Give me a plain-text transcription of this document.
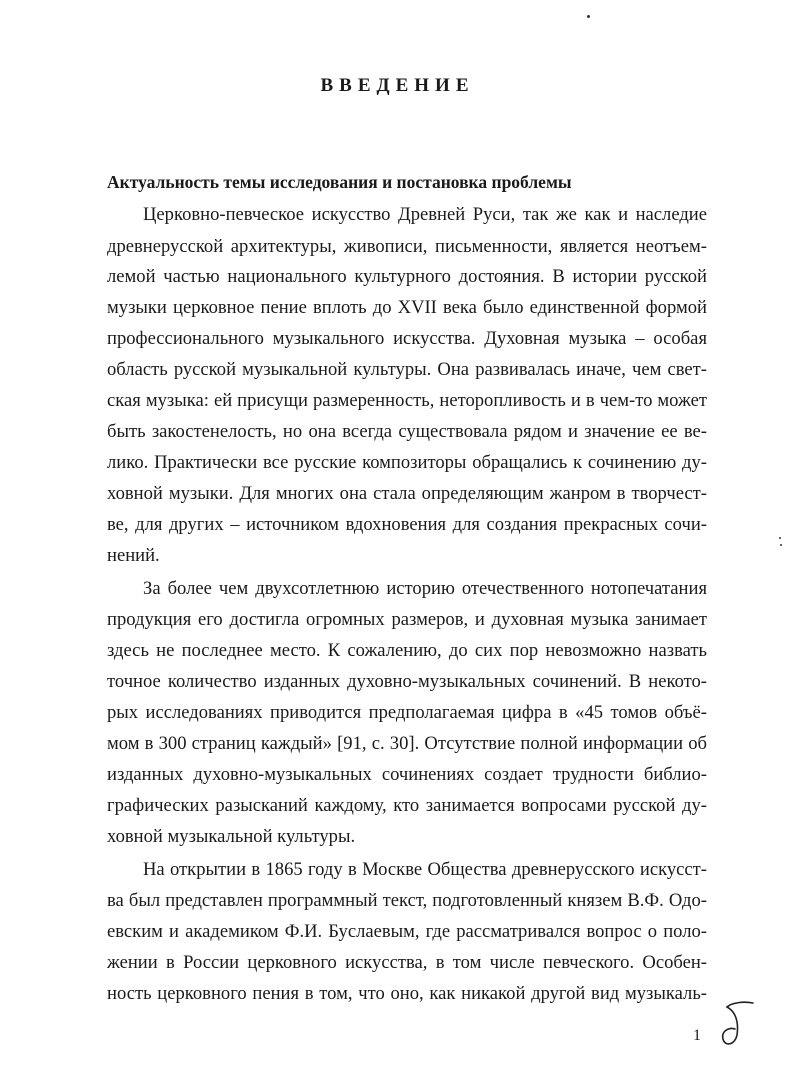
ВВЕДЕНИЕ
Актуальность темы исследования и постановка проблемы
Церковно-певческое искусство Древней Руси, так же как и наследие
древнерусской архитектуры, живописи, письменности, является неотъем-
лемой частью национального культурного достояния. В истории русской
музыки церковное пение вплоть до XVII века было единственной формой
профессионального музыкального искусства. Духовная музыка – особая
область русской музыкальной культуры. Она развивалась иначе, чем свет-
ская музыка: ей присущи размеренность, неторопливость и в чем-то может
быть закостенелость, но она всегда существовала рядом и значение ее ве-
лико. Практически все русские композиторы обращались к сочинению ду-
ховной музыки. Для многих она стала определяющим жанром в творчест-
ве, для других – источником вдохновения для создания прекрасных сочи-
нений.
За более чем двухсотлетнюю историю отечественного нотопечатания
продукция его достигла огромных размеров, и духовная музыка занимает
здесь не последнее место. К сожалению, до сих пор невозможно назвать
точное количество изданных духовно-музыкальных сочинений. В некото-
рых исследованиях приводится предполагаемая цифра в «45 томов объё-
мом в 300 страниц каждый» [91, с. 30]. Отсутствие полной информации об
изданных духовно-музыкальных сочинениях создает трудности библио-
графических разысканий каждому, кто занимается вопросами русской ду-
ховной музыкальной культуры.
На открытии в 1865 году в Москве Общества древнерусского искусст-
ва был представлен программный текст, подготовленный князем В.Ф. Одо-
евским и академиком Ф.И. Буслаевым, где рассматривался вопрос о поло-
жении в России церковного искусства, в том числе певческого. Особен-
ность церковного пения в том, что оно, как никакой другой вид музыкаль-
1
